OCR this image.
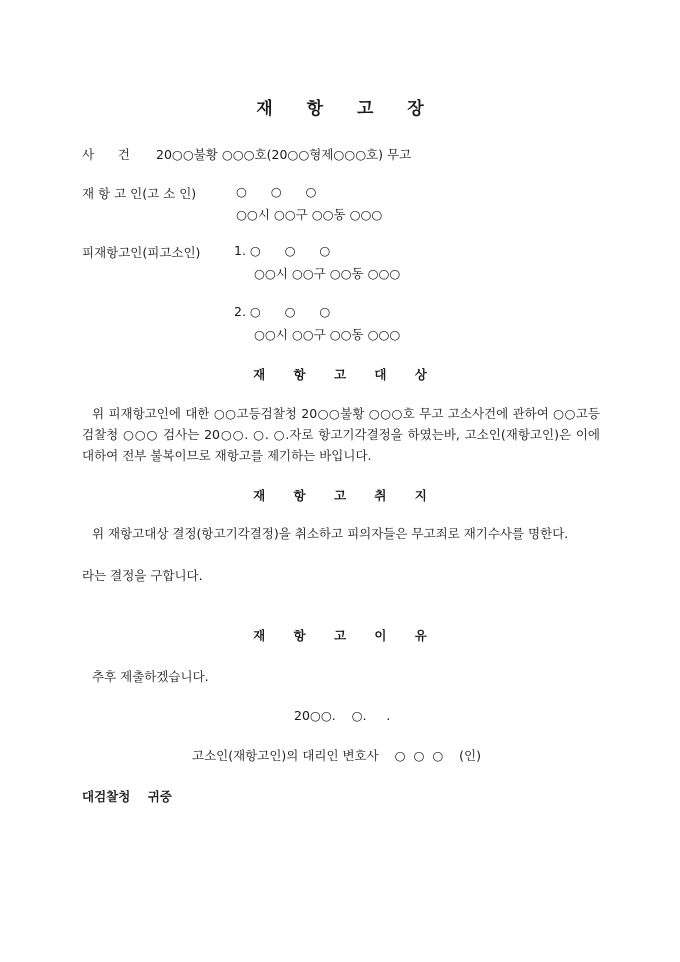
재 항 고 장
사      건 20○○불황 ○○○호(20○○형제○○○호) 무고
재 항 고 인(고 소 인)	○      ○      ○
○○시 ○○구 ○○동 ○○○
피재항고인(피고소인)	1. ○      ○      ○
○○시 ○○구 ○○동 ○○○
2. ○      ○      ○
○○시 ○○구 ○○동 ○○○
재 항 고 대 상
위 피재항고인에 대한 ○○고등검찰청 20○○불황 ○○○호 무고 고소사건에 관하여 ○○고등검찰청 ○○○ 검사는 20○○. ○. ○.자로 항고기각결정을 하였는바, 고소인(재항고인)은 이에 대하여 전부 불복이므로 재항고를 제기하는 바입니다.
재 항 고 취 지
위 재항고대상 결정(항고기각결정)을 취소하고 피의자들은 무고죄로 재기수사를 명한다.
라는 결정을 구합니다.
재 항 고 이 유
추후 제출하겠습니다.
20○○.    ○.     .
고소인(재항고인)의 대리인 변호사    ○  ○  ○    (인)
대검찰청    귀중
